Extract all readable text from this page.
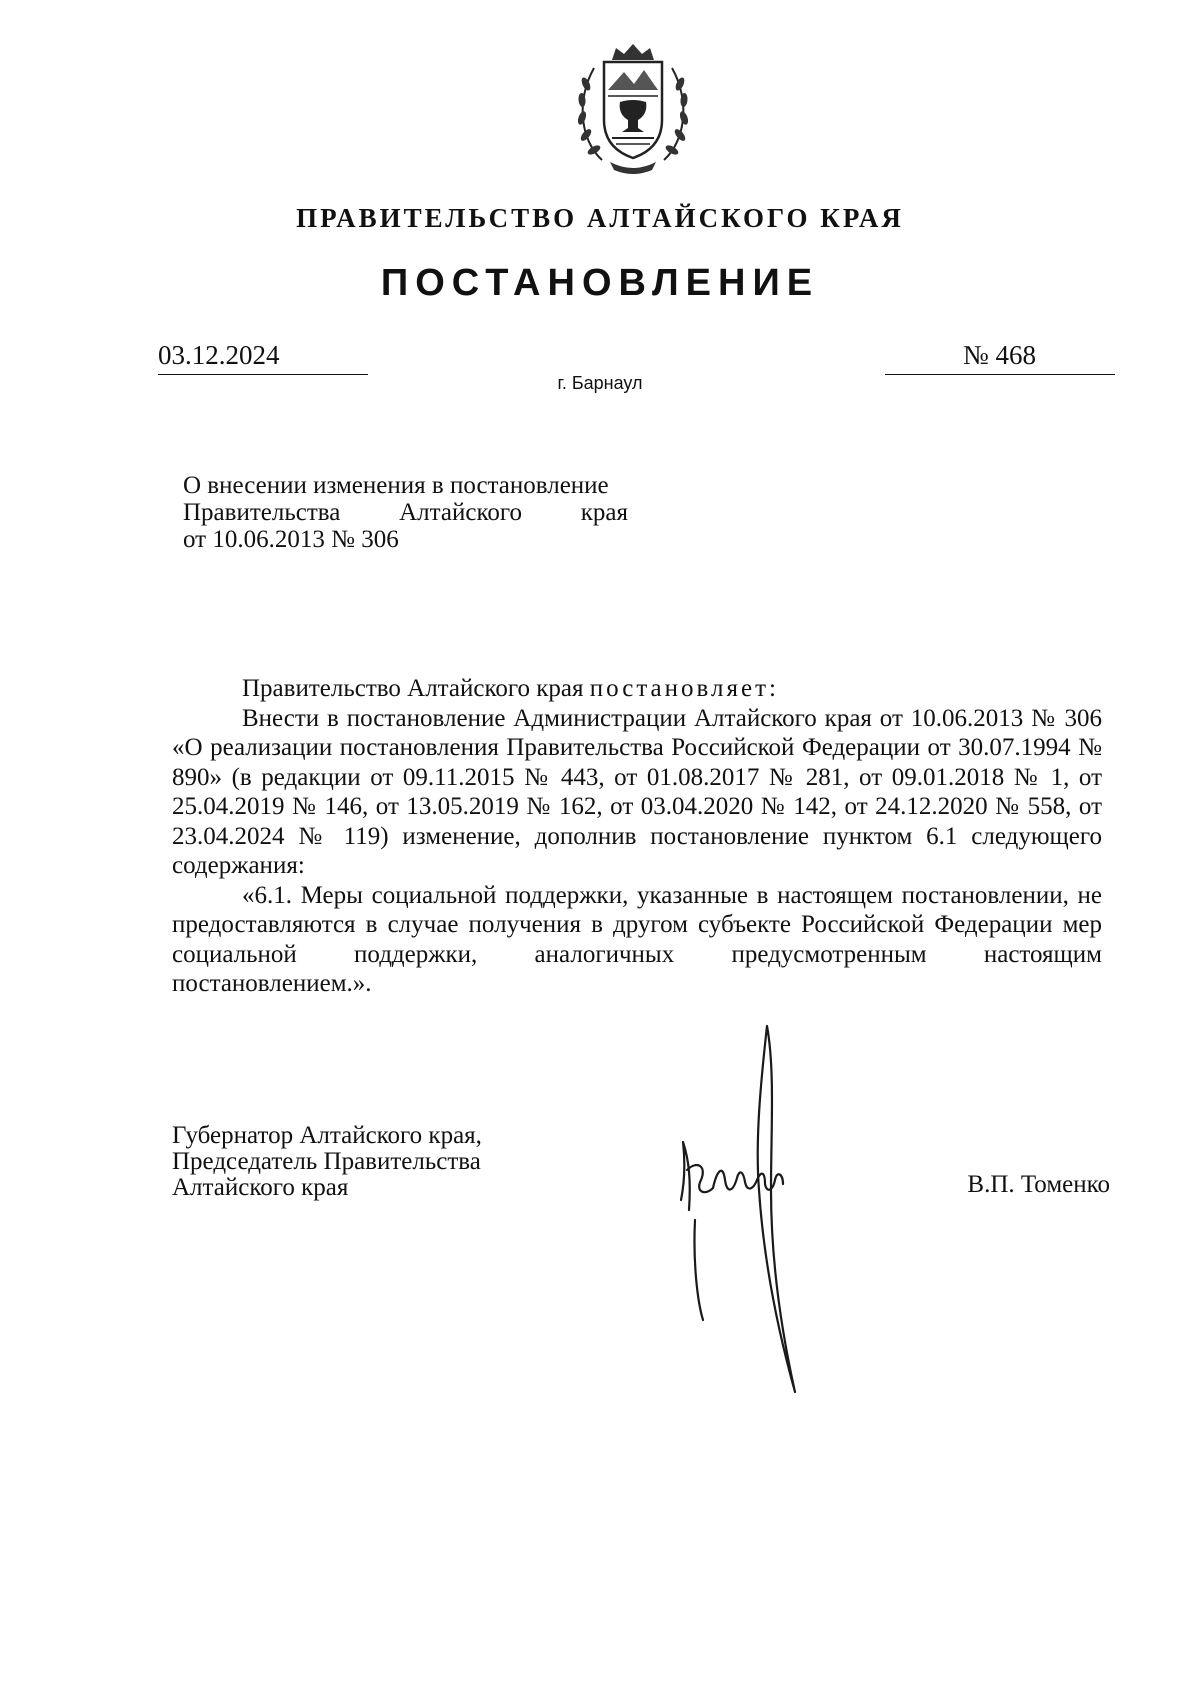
ПРАВИТЕЛЬСТВО АЛТАЙСКОГО КРАЯ
ПОСТАНОВЛЕНИЕ
03.12.2024
г. Барнаул
№ 468
О внесении изменения в постановление
Правительства Алтайского края
от 10.06.2013 № 306

Правительство Алтайского края постановляет:

Внести в постановление Администрации Алтайского края от 10.06.2013 № 306 «О реализации постановления Правительства Российской Федерации от 30.07.1994 № 890» (в редакции от 09.11.2015 № 443, от 01.08.2017 № 281, от 09.01.2018 № 1, от 25.04.2019 № 146, от 13.05.2019 № 162, от 03.04.2020 № 142, от 24.12.2020 № 558, от 23.04.2024 № 119) изменение, дополнив постановление пунктом 6.1 следующего содержания:

«6.1. Меры социальной поддержки, указанные в настоящем постановлении, не предоставляются в случае получения в другом субъекте Российской Федерации мер социальной поддержки, аналогичных предусмотренным настоящим постановлением.».

Губернатор Алтайского края,
Председатель Правительства
Алтайского края	В.П. Томенко
